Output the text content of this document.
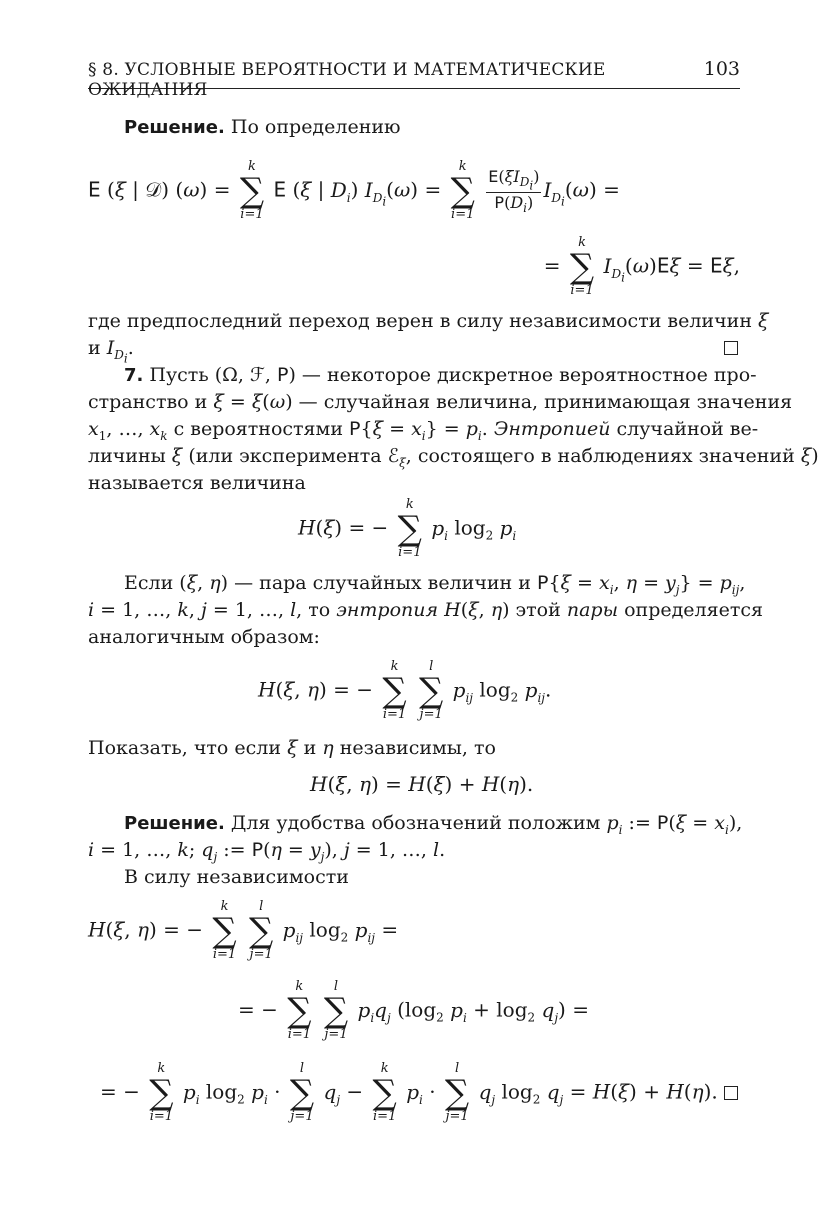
§ 8. УСЛОВНЫЕ ВЕРОЯТНОСТИ И МАТЕМАТИЧЕСКИЕ ОЖИДАНИЯ
103
Решение. По определению
E (ξ | 𝒟) (ω) =
k
∑
i=1
E (ξ | $D_i$) $I_{D_i}(\omega)$ =
k
∑
i=1
$\frac{E(\xi I_{D_i})}{P(D_i)} I_{D_i}(\omega)$ =
=
k
∑
i=1
$I_{D_i}(\omega)E\xi = E\xi$,
где предпоследний переход верен в силу независимости величин ξ
и $I_{D_i}$.
7. Пусть (Ω, ℱ, P) — некоторое дискретное вероятностное про-
странство и ξ = ξ(ω) — случайная величина, принимающая значения
$x_1$, …, $x_k$ с вероятностями $P\{\xi = x_i\} = p_i$. Энтропией случайной ве-
личины ξ (или эксперимента ℰ$_\xi$, состоящего в наблюдениях значений ξ)
называется величина
H(ξ) = −
k
∑
i=1
$p_i$ $\log_2 p_i$
Если (ξ, η) — пара случайных величин и $P\{\xi = x_i$, $\eta = y_j\} = p_{ij}$,
i = 1, …, k, j = 1, …, l, то энтропия H(ξ, η) этой пары определяется
аналогичным образом:
H(ξ, η) = −
k
∑
i=1

l
∑
j=1
$p_{ij}$ $\log_2 p_{ij}$.
Показать, что если ξ и η независимы, то
H(ξ, η) = H(ξ) + H(η).
Решение. Для удобства обозначений положим $p_i$ := $P(\xi = x_i)$,
i = 1, …, k; $q_j$ := $P(\eta = y_j)$, j = 1, …, l.
В силу независимости
H(ξ, η) = −
k
∑
i=1

l
∑
j=1
$p_{ij}$ $\log_2 p_{ij}$ =
= −
k
∑
i=1

l
∑
j=1
$p_iq_j$ ($\log_2$ $p_i + \log_2 q_j$) =
= −
k
∑
i=1
$p_i$ $\log_2 p_i$ ·
l
∑
j=1
$q_j$ −
k
∑
i=1
$p_i$ ·
l
∑
j=1
$q_j$ $\log_2 q_j = H(\xi) + H(\eta)$.
